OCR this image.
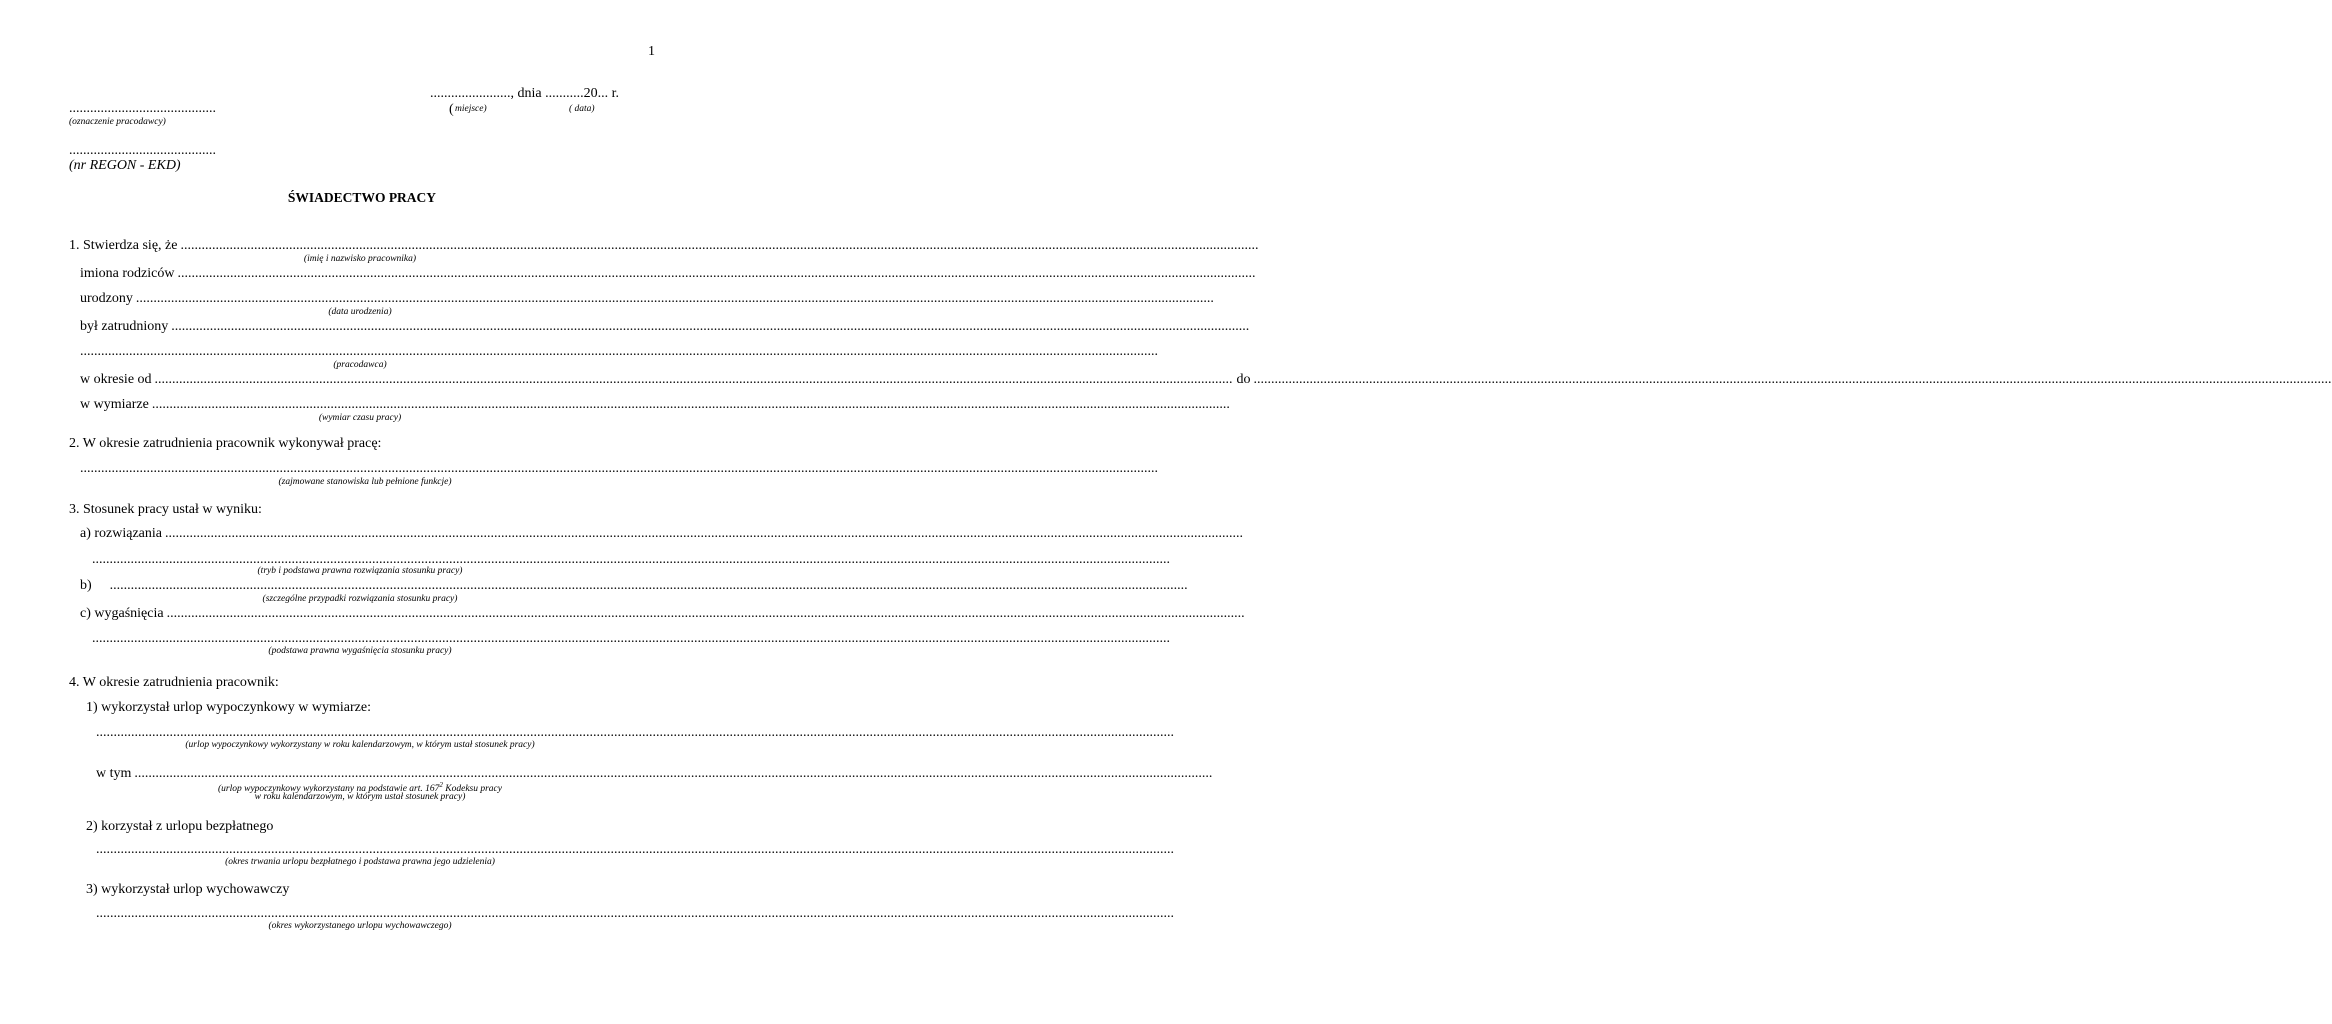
1
......................., dnia ...........20... r.
( miejsce)	( data)
..........................................
(oznaczenie pracodawcy)
..........................................
(nr REGON - EKD)
ŚWIADECTWO PRACY
1. Stwierdza się, że ....................................................................................................................................................................................................................................................................................................................
(imię i nazwisko pracownika)
imiona rodziców ....................................................................................................................................................................................................................................................................................................................
urodzony ....................................................................................................................................................................................................................................................................................................................
(data urodzenia)
był zatrudniony ....................................................................................................................................................................................................................................................................................................................
....................................................................................................................................................................................................................................................................................................................
(pracodawca)
w okresie od .................................................................................................................................................................................................................................................................................................................... do ....................................................................................................................................................................................................................................................................................................................
w wymiarze ....................................................................................................................................................................................................................................................................................................................
(wymiar czasu pracy)
2. W okresie zatrudnienia pracownik wykonywał pracę:
....................................................................................................................................................................................................................................................................................................................
(zajmowane stanowiska lub pełnione funkcje)
3. Stosunek pracy ustał w wyniku:
a) rozwiązania ....................................................................................................................................................................................................................................................................................................................
....................................................................................................................................................................................................................................................................................................................
(tryb i podstawa prawna rozwiązania stosunku pracy)
b) ....................................................................................................................................................................................................................................................................................................................
(szczególne przypadki rozwiązania stosunku pracy)
c) wygaśnięcia ....................................................................................................................................................................................................................................................................................................................
....................................................................................................................................................................................................................................................................................................................
(podstawa prawna wygaśnięcia stosunku pracy)
4. W okresie zatrudnienia pracownik:
1) wykorzystał urlop wypoczynkowy w wymiarze:
....................................................................................................................................................................................................................................................................................................................
(urlop wypoczynkowy wykorzystany w roku kalendarzowym, w którym ustał stosunek pracy)
w tym ....................................................................................................................................................................................................................................................................................................................
(urlop wypoczynkowy wykorzystany na podstawie art. $167^2$ Kodeksu pracy
w roku kalendarzowym, w którym ustał stosunek pracy)
2) korzystał z urlopu bezpłatnego
....................................................................................................................................................................................................................................................................................................................
(okres trwania urlopu bezpłatnego i podstawa prawna jego udzielenia)
3) wykorzystał urlop wychowawczy
....................................................................................................................................................................................................................................................................................................................
(okres wykorzystanego urlopu wychowawczego)
